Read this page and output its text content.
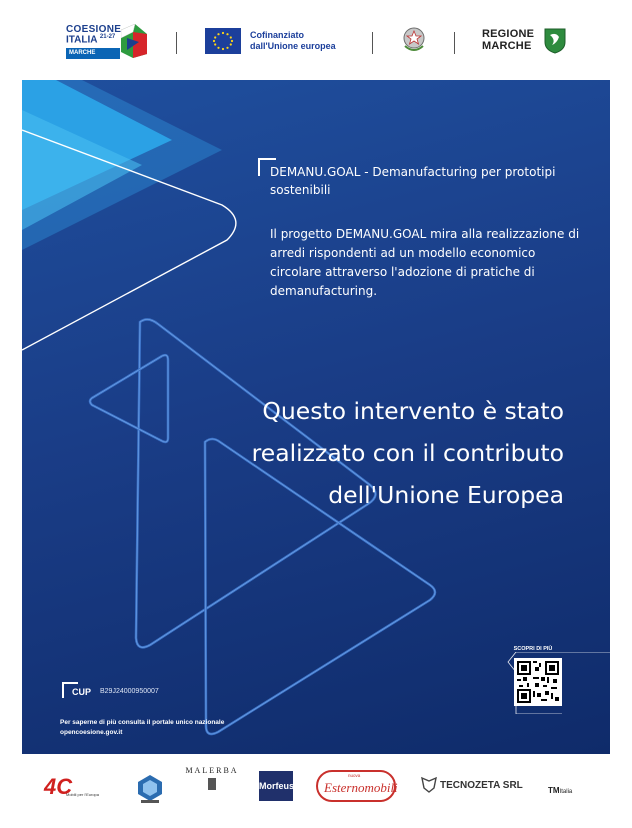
COESIONE
ITALIA $^{21-27}$
MARCHE
Cofinanziato
dall'Unione europea
REGIONE
MARCHE
DEMANU.GOAL - Demanufacturing per prototipi sostenibili
Il progetto DEMANU.GOAL mira alla realizzazione di arredi rispondenti ad un modello economico circolare attraverso l'adozione di pratiche di demanufacturing.
Questo intervento è stato
realizzato con il contributo
dell'Unione Europea
CUP B29J24000950007
Per saperne di più consulta il portale unico nazionale
opencoesione.gov.it
SCOPRI DI PIÙ
4C
Mobili per l'Europa
MALERBA
Morfeus
nuova
Esternomobili	TECNOZETA SRL	TMItalia
